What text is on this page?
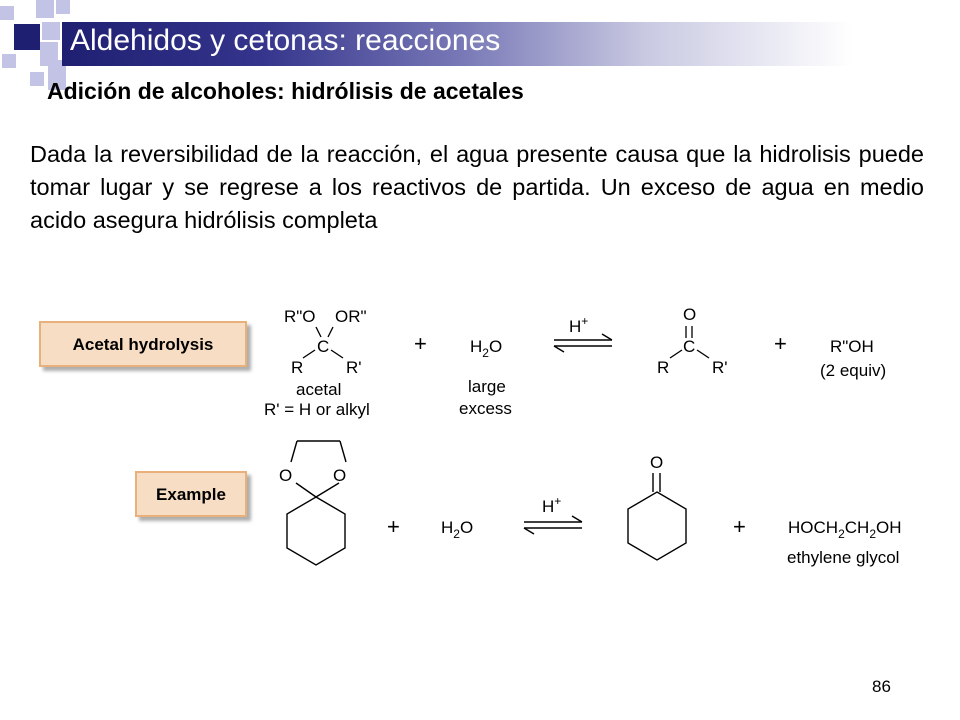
Aldehidos y cetonas: reacciones
Adición de alcoholes: hidrólisis de acetales
Dada la reversibilidad de la reacción, el agua presente causa que la hidrolisis puede tomar lugar y se regrese a los reactivos de partida. Un exceso de agua en medio acido asegura hidrólisis completa
Acetal hydrolysis
R"O OR"
C
R	R'
acetal
R' = H or alkyl
+	$H_2O$
large
excess
H+	O
C
R	R'
+	R"OH
(2 equiv)
Example
O O
+ $H_2O$
H+
O
+ $HOCH_2CH_2OH$
ethylene glycol
86
